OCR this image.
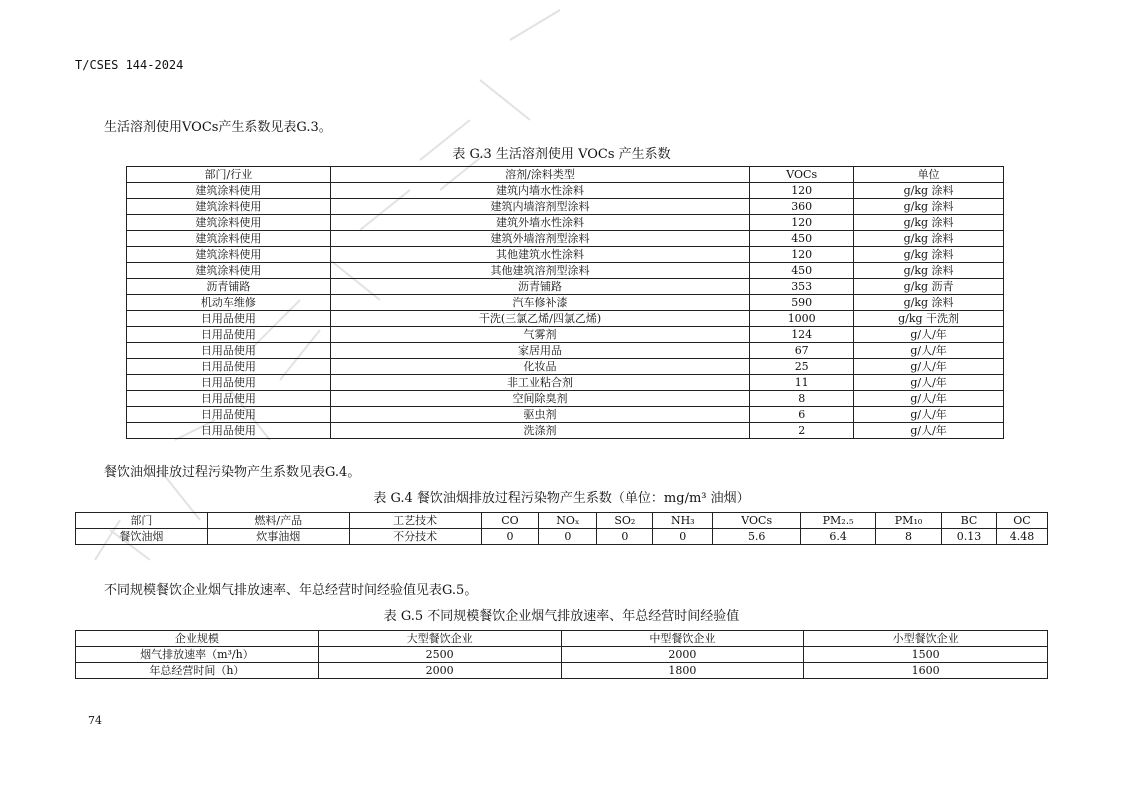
T/CSES 144-2024
生活溶剂使用VOCs产生系数见表G.3。
表 G.3 生活溶剂使用 VOCs 产生系数
部门/行业	溶剂/涂料类型	VOCs	单位
建筑涂料使用	建筑内墙水性涂料	120	g/kg 涂料
建筑涂料使用	建筑内墙溶剂型涂料	360	g/kg 涂料
建筑涂料使用	建筑外墙水性涂料	120	g/kg 涂料
建筑涂料使用	建筑外墙溶剂型涂料	450	g/kg 涂料
建筑涂料使用	其他建筑水性涂料	120	g/kg 涂料
建筑涂料使用	其他建筑溶剂型涂料	450	g/kg 涂料
沥青铺路	沥青铺路	353	g/kg 沥青
机动车维修	汽车修补漆	590	g/kg 涂料
日用品使用	干洗(三氯乙烯/四氯乙烯)	1000	g/kg 干洗剂
日用品使用	气雾剂	124	g/人/年
日用品使用	家居用品	67	g/人/年
日用品使用	化妆品	25	g/人/年
日用品使用	非工业粘合剂	11	g/人/年
日用品使用	空间除臭剂	8	g/人/年
日用品使用	驱虫剂	6	g/人/年
日用品使用	洗涤剂	2	g/人/年
餐饮油烟排放过程污染物产生系数见表G.4。
表 G.4 餐饮油烟排放过程污染物产生系数（单位：mg/m³ 油烟）
部门	燃料/产品	工艺技术	CO	NOₓ	SO₂	NH₃	VOCs	PM₂.₅	PM₁₀	BC	OC
餐饮油烟	炊事油烟	不分技术	0	0	0	0	5.6	6.4	8	0.13	4.48
不同规模餐饮企业烟气排放速率、年总经营时间经验值见表G.5。
表 G.5 不同规模餐饮企业烟气排放速率、年总经营时间经验值
企业规模	大型餐饮企业	中型餐饮企业	小型餐饮企业
烟气排放速率（m³/h）	2500	2000	1500
年总经营时间（h）	2000	1800	1600
74
